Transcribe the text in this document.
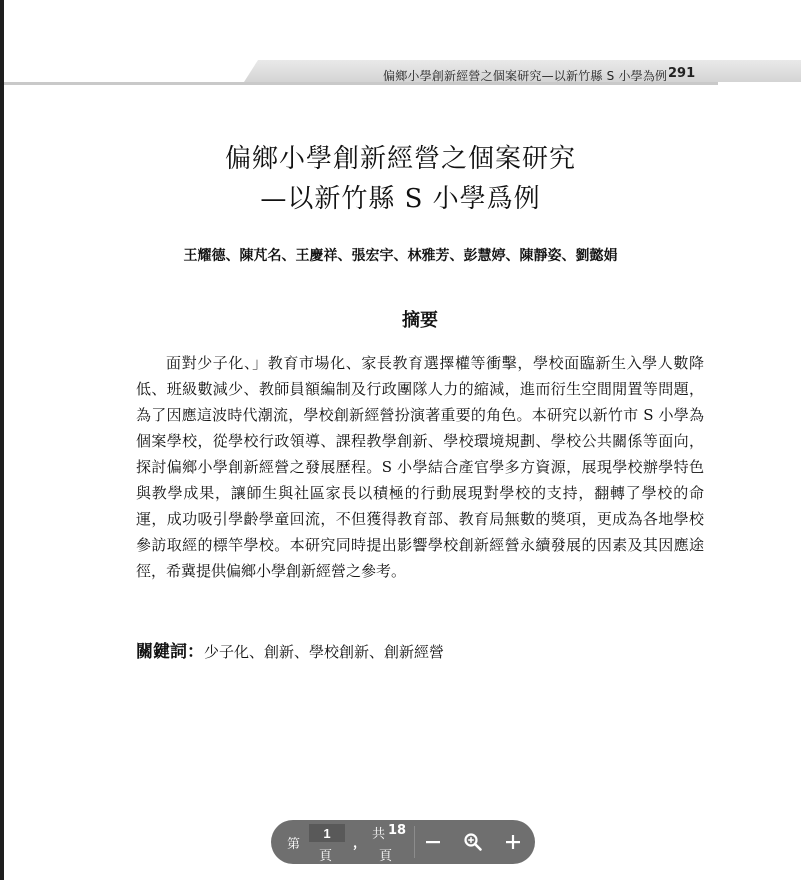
偏鄉小學創新經營之個案研究—以新竹縣 S 小學為例 291
偏鄉小學創新經營之個案研究
—以新竹縣 S 小學爲例
王耀德、陳芃名、王慶祥、張宏宇、林雅芳、彭慧婷、陳靜姿、劉懿娟
摘要
面對少子化、」教育市場化、家長教育選擇權等衝擊，學校面臨新生入學人數降低、班級數減少、教師員額編制及行政團隊人力的縮減，進而衍生空間閒置等問題，為了因應這波時代潮流，學校創新經營扮演著重要的角色。本研究以新竹市 S 小學為個案學校，從學校行政領導、課程教學創新、學校環境規劃、學校公共關係等面向，探討偏鄉小學創新經營之發展歷程。S 小學結合產官學多方資源，展現學校辦學特色與教學成果，讓師生與社區家長以積極的行動展現對學校的支持，翻轉了學校的命運，成功吸引學齡學童回流，不但獲得教育部、教育局無數的獎項，更成為各地學校參訪取經的標竿學校。本研究同時提出影響學校創新經營永續發展的因素及其因應途徑，希冀提供偏鄉小學創新經營之參考。
關鍵詞：少子化、創新、學校創新、創新經營
第
1
頁
，
共 18
頁
